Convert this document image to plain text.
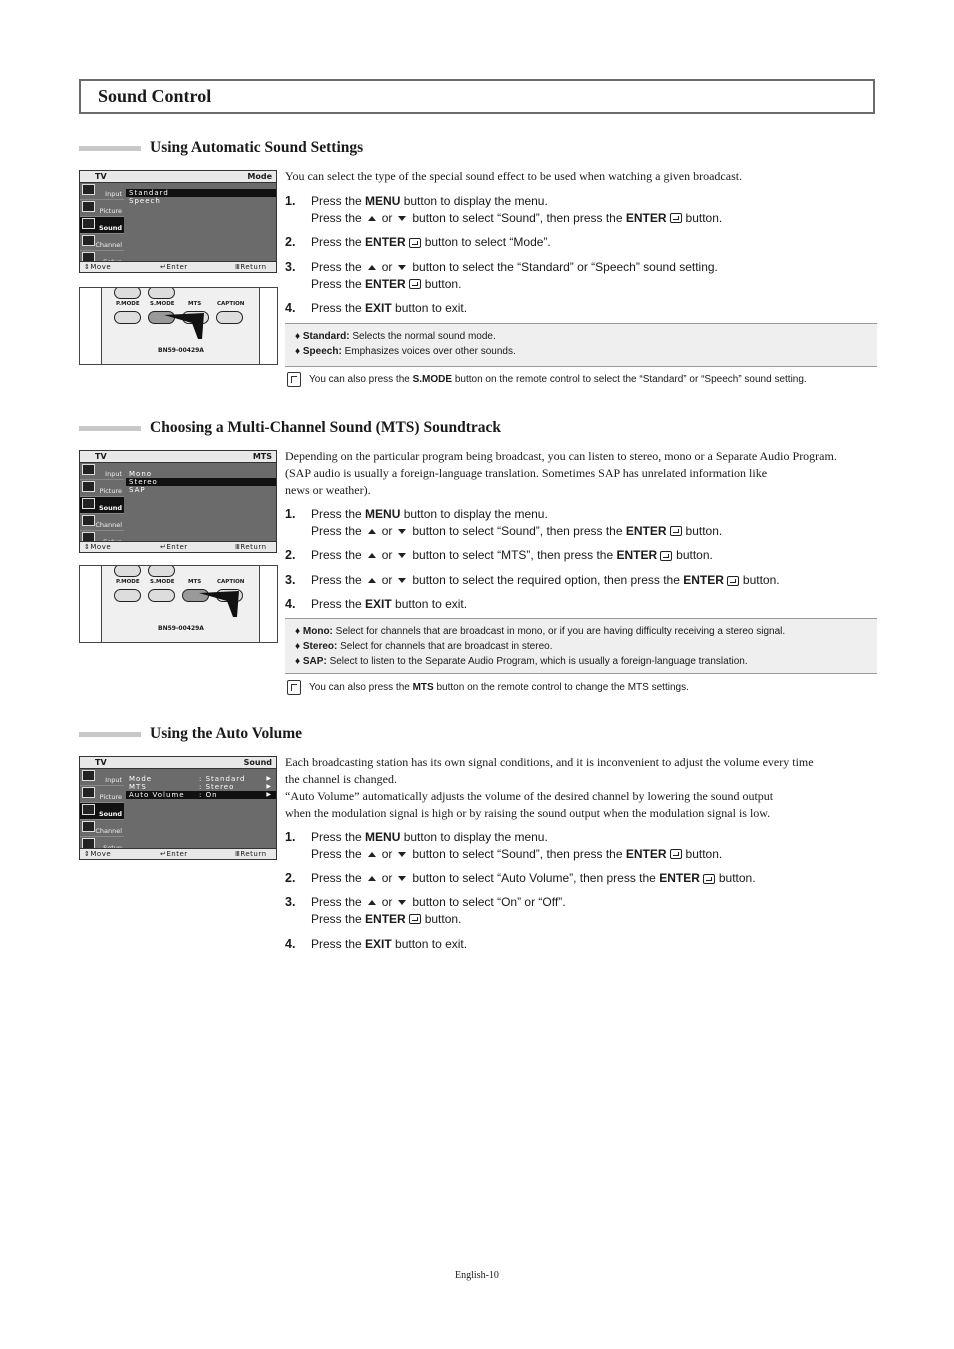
Sound Control
Using Automatic Sound Settings
TV	Mode
Input
Picture
Sound
Channel
Standard
Speech
⇕Move	↵Enter	ⅢReturn
P.MODE S.MODE MTS	CAPTION
BN59-00429A
You can select the type of the special sound effect to be used when watching a given broadcast.
1. Press the MENU button to display the menu.
Press the or button to select “Sound”, then press the ENTER button.
2. Press the ENTER button to select “Mode”.
3. Press the or button to select the “Standard” or “Speech” sound setting.
Press the ENTER button.
4. Press the EXIT button to exit.
♦ Standard: Selects the normal sound mode.
♦ Speech: Emphasizes voices over other sounds.
You can also press the S.MODE button on the remote control to select the “Standard” or “Speech” sound setting.
Choosing a Multi-Channel Sound (MTS) Soundtrack
TV	MTS
Input
Picture
Sound
Channel
Mono
Stereo
SAP
⇕Move	↵Enter	ⅢReturn
P.MODE S.MODE MTS	CAPTION
BN59-00429A
Depending on the particular program being broadcast, you can listen to stereo, mono or a Separate Audio Program.
(SAP audio is usually a foreign-language translation. Sometimes SAP has unrelated information like
news or weather).
1. Press the MENU button to display the menu.
Press the or button to select “Sound”, then press the ENTER button.
2. Press the or button to select “MTS”, then press the ENTER button.
3. Press the or button to select the required option, then press the ENTER button.
4. Press the EXIT button to exit.
♦ Mono: Select for channels that are broadcast in mono, or if you are having difficulty receiving a stereo signal.
♦ Stereo: Select for channels that are broadcast in stereo.
♦ SAP: Select to listen to the Separate Audio Program, which is usually a foreign-language translation.
You can also press the MTS button on the remote control to change the MTS settings.
Using the Auto Volume
TV	Sound
Input
Picture
Sound
Channel
Mode	: Standard	▶
MTS	: Stereo	▶
Auto Volume : On	▶
⇕Move	↵Enter	ⅢReturn
Each broadcasting station has its own signal conditions, and it is inconvenient to adjust the volume every time
the channel is changed.
“Auto Volume” automatically adjusts the volume of the desired channel by lowering the sound output
when the modulation signal is high or by raising the sound output when the modulation signal is low.
1. Press the MENU button to display the menu.
Press the or button to select “Sound”, then press the ENTER button.
2. Press the or button to select “Auto Volume”, then press the ENTER button.
3. Press the or button to select “On” or “Off”.
Press the ENTER button.
4. Press the EXIT button to exit.
English-10
